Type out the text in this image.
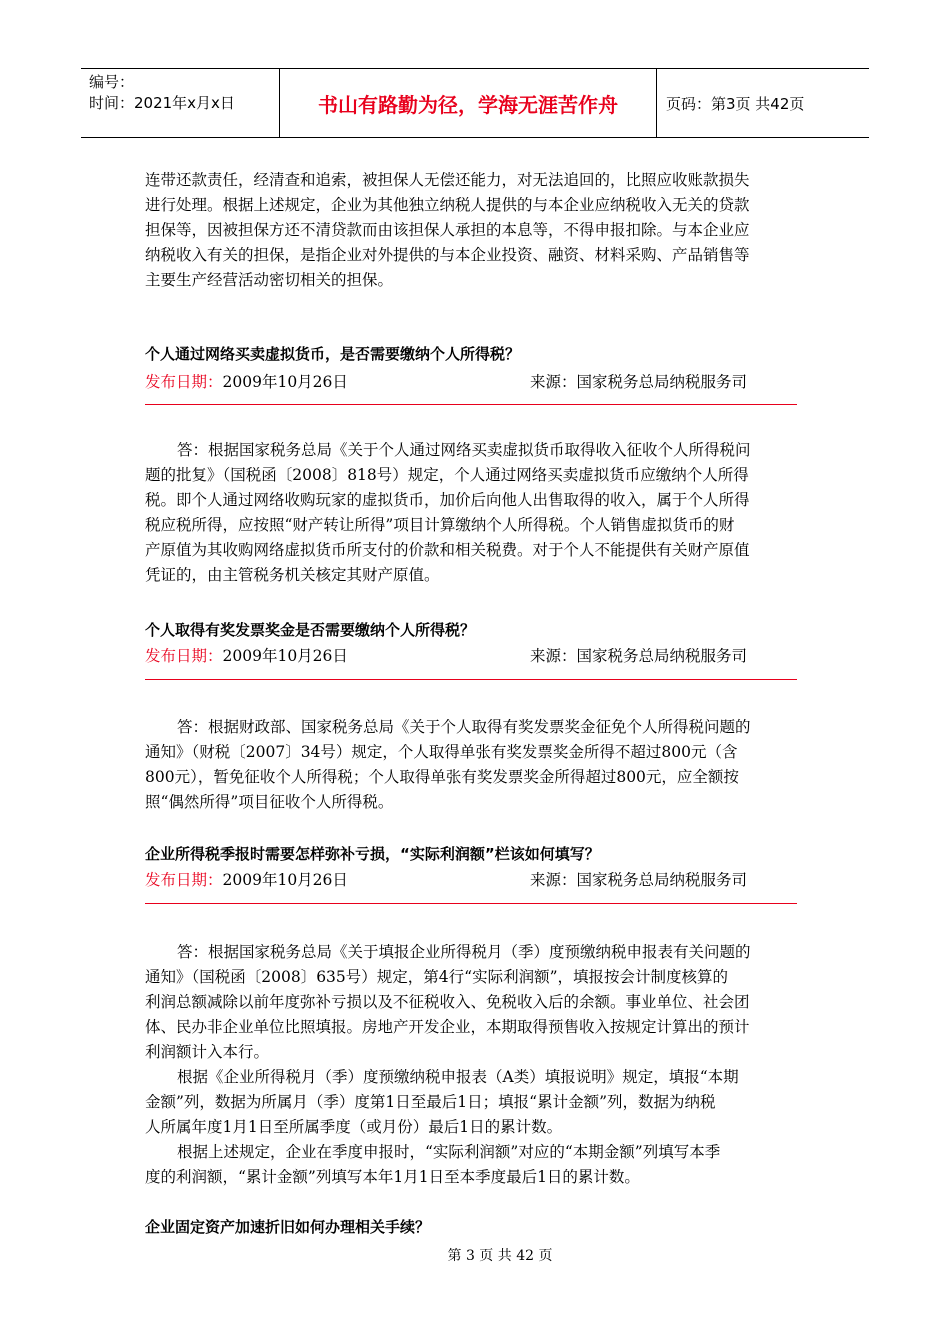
编号：
时间：2021年x月x日	书山有路勤为径，学海无涯苦作舟	页码：第3页 共42页

连带还款责任，经清查和追索，被担保人无偿还能力，对无法追回的，比照应收账款损失

进行处理。根据上述规定，企业为其他独立纳税人提供的与本企业应纳税收入无关的贷款

担保等，因被担保方还不清贷款而由该担保人承担的本息等，不得申报扣除。与本企业应

纳税收入有关的担保，是指企业对外提供的与本企业投资、融资、材料采购、产品销售等

主要生产经营活动密切相关的担保。

个人通过网络买卖虚拟货币，是否需要缴纳个人所得税？
发布日期：2009年10月26日	来源：国家税务总局纳税服务司

答：根据国家税务总局《关于个人通过网络买卖虚拟货币取得收入征收个人所得税问

题的批复》（国税函〔2008〕818号）规定，个人通过网络买卖虚拟货币应缴纳个人所得

税。即个人通过网络收购玩家的虚拟货币，加价后向他人出售取得的收入，属于个人所得

税应税所得，应按照“财产转让所得”项目计算缴纳个人所得税。个人销售虚拟货币的财

产原值为其收购网络虚拟货币所支付的价款和相关税费。对于个人不能提供有关财产原值

凭证的，由主管税务机关核定其财产原值。

个人取得有奖发票奖金是否需要缴纳个人所得税？
发布日期：2009年10月26日	来源：国家税务总局纳税服务司

答：根据财政部、国家税务总局《关于个人取得有奖发票奖金征免个人所得税问题的

通知》（财税〔2007〕34号）规定，个人取得单张有奖发票奖金所得不超过800元（含

800元），暂免征收个人所得税；个人取得单张有奖发票奖金所得超过800元，应全额按

照“偶然所得”项目征收个人所得税。

企业所得税季报时需要怎样弥补亏损，“实际利润额”栏该如何填写？
发布日期：2009年10月26日	来源：国家税务总局纳税服务司

答：根据国家税务总局《关于填报企业所得税月（季）度预缴纳税申报表有关问题的

通知》（国税函〔2008〕635号）规定，第4行“实际利润额”，填报按会计制度核算的

利润总额减除以前年度弥补亏损以及不征税收入、免税收入后的余额。事业单位、社会团

体、民办非企业单位比照填报。房地产开发企业，本期取得预售收入按规定计算出的预计

利润额计入本行。

根据《企业所得税月（季）度预缴纳税申报表（A类）填报说明》规定，填报“本期

金额”列，数据为所属月（季）度第1日至最后1日；填报“累计金额”列，数据为纳税

人所属年度1月1日至所属季度（或月份）最后1日的累计数。

根据上述规定，企业在季度申报时，“实际利润额”对应的“本期金额”列填写本季

度的利润额，“累计金额”列填写本年1月1日至本季度最后1日的累计数。

企业固定资产加速折旧如何办理相关手续？
第 3 页 共 42 页
